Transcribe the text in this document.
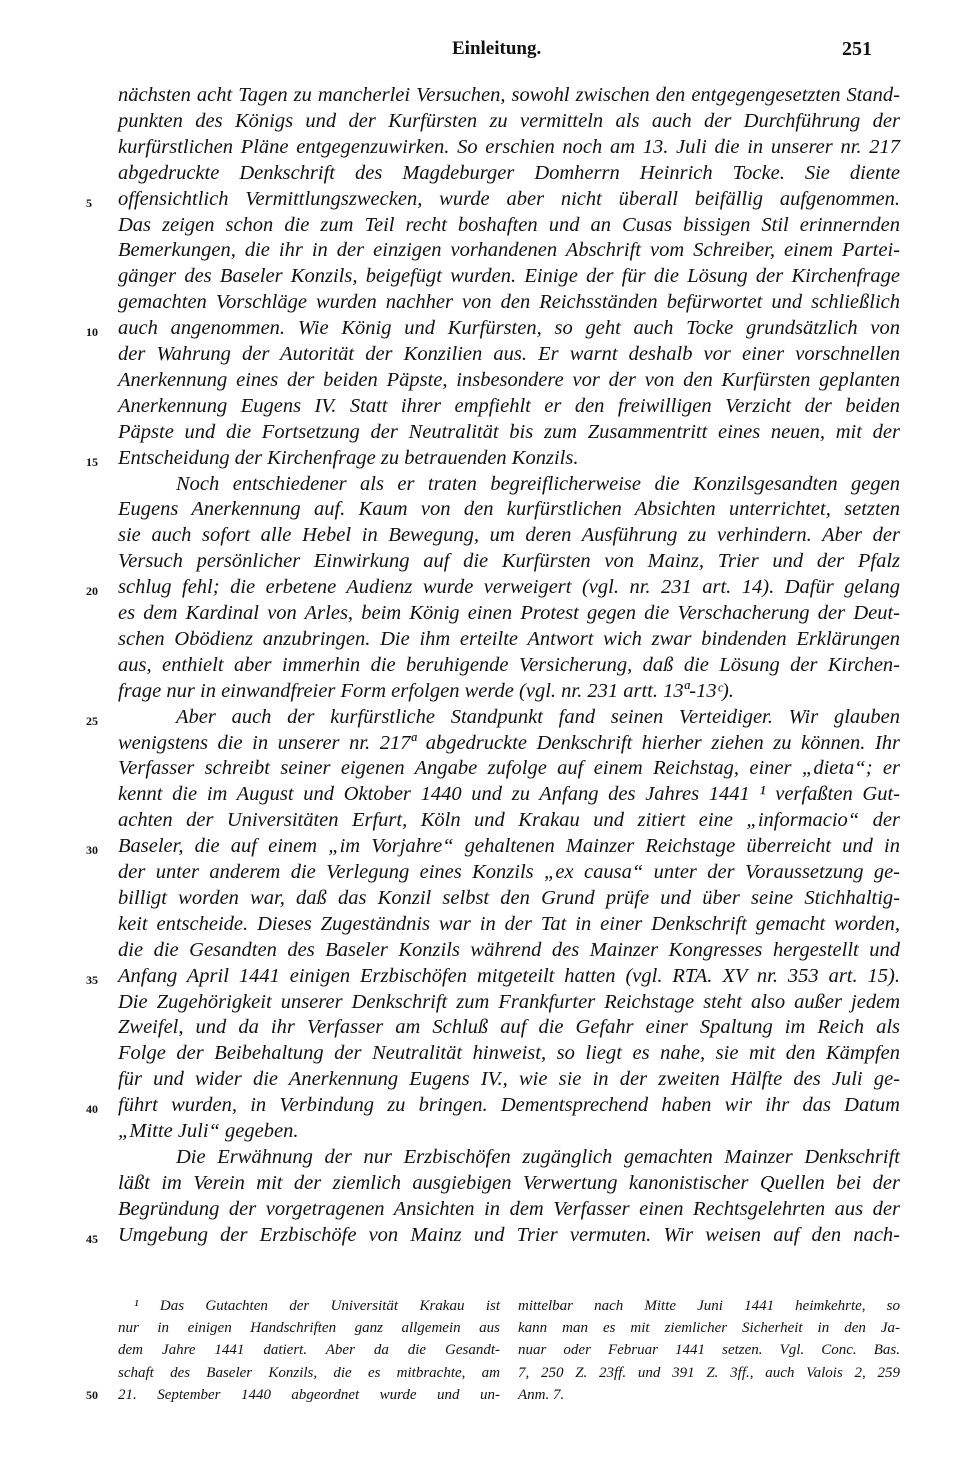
Einleitung.	251
nächsten acht Tagen zu mancherlei Versuchen, sowohl zwischen den entgegengesetzten Stand-
punkten des Königs und der Kurfürsten zu vermitteln als auch der Durchführung der
kurfürstlichen Pläne entgegenzuwirken. So erschien noch am 13. Juli die in unserer nr. 217
abgedruckte Denkschrift des Magdeburger Domherrn Heinrich Tocke. Sie diente
offensichtlich Vermittlungszwecken, wurde aber nicht überall beifällig aufgenommen.
5
Das zeigen schon die zum Teil recht boshaften und an Cusas bissigen Stil erinnernden
Bemerkungen, die ihr in der einzigen vorhandenen Abschrift vom Schreiber, einem Partei-
gänger des Baseler Konzils, beigefügt wurden. Einige der für die Lösung der Kirchenfrage
gemachten Vorschläge wurden nachher von den Reichsständen befürwortet und schließlich
auch angenommen. Wie König und Kurfürsten, so geht auch Tocke grundsätzlich von
10
der Wahrung der Autorität der Konzilien aus. Er warnt deshalb vor einer vorschnellen
Anerkennung eines der beiden Päpste, insbesondere vor der von den Kurfürsten geplanten
Anerkennung Eugens IV. Statt ihrer empfiehlt er den freiwilligen Verzicht der beiden
Päpste und die Fortsetzung der Neutralität bis zum Zusammentritt eines neuen, mit der
Entscheidung der Kirchenfrage zu betrauenden Konzils.
15
Noch entschiedener als er traten begreiflicherweise die Konzilsgesandten gegen
Eugens Anerkennung auf. Kaum von den kurfürstlichen Absichten unterrichtet, setzten
sie auch sofort alle Hebel in Bewegung, um deren Ausführung zu verhindern. Aber der
Versuch persönlicher Einwirkung auf die Kurfürsten von Mainz, Trier und der Pfalz
schlug fehl; die erbetene Audienz wurde verweigert (vgl. nr. 231 art. 14). Dafür gelang
20
es dem Kardinal von Arles, beim König einen Protest gegen die Verschacherung der Deut-
schen Obödienz anzubringen. Die ihm erteilte Antwort wich zwar bindenden Erklärungen
aus, enthielt aber immerhin die beruhigende Versicherung, daß die Lösung der Kirchen-
frage nur in einwandfreier Form erfolgen werde (vgl. nr. 231 artt. 13ª-13ᶜ).
Aber auch der kurfürstliche Standpunkt fand seinen Verteidiger. Wir glauben
25
wenigstens die in unserer nr. 217ª abgedruckte Denkschrift hierher ziehen zu können. Ihr
Verfasser schreibt seiner eigenen Angabe zufolge auf einem Reichstag, einer „dieta“; er
kennt die im August und Oktober 1440 und zu Anfang des Jahres 1441 ¹ verfaßten Gut-
achten der Universitäten Erfurt, Köln und Krakau und zitiert eine „informacio“ der
Baseler, die auf einem „im Vorjahre“ gehaltenen Mainzer Reichstage überreicht und in
30
der unter anderem die Verlegung eines Konzils „ex causa“ unter der Voraussetzung ge-
billigt worden war, daß das Konzil selbst den Grund prüfe und über seine Stichhaltig-
keit entscheide. Dieses Zugeständnis war in der Tat in einer Denkschrift gemacht worden,
die die Gesandten des Baseler Konzils während des Mainzer Kongresses hergestellt und
Anfang April 1441 einigen Erzbischöfen mitgeteilt hatten (vgl. RTA. XV nr. 353 art. 15).
35
Die Zugehörigkeit unserer Denkschrift zum Frankfurter Reichstage steht also außer jedem
Zweifel, und da ihr Verfasser am Schluß auf die Gefahr einer Spaltung im Reich als
Folge der Beibehaltung der Neutralität hinweist, so liegt es nahe, sie mit den Kämpfen
für und wider die Anerkennung Eugens IV., wie sie in der zweiten Hälfte des Juli ge-
führt wurden, in Verbindung zu bringen. Dementsprechend haben wir ihr das Datum
40
„Mitte Juli“ gegeben.
Die Erwähnung der nur Erzbischöfen zugänglich gemachten Mainzer Denkschrift
läßt im Verein mit der ziemlich ausgiebigen Verwertung kanonistischer Quellen bei der
Begründung der vorgetragenen Ansichten in dem Verfasser einen Rechtsgelehrten aus der
Umgebung der Erzbischöfe von Mainz und Trier vermuten. Wir weisen auf den nach-
45
¹ Das Gutachten der Universität Krakau ist
nur in einigen Handschriften ganz allgemein aus
dem Jahre 1441 datiert. Aber da die Gesandt-
schaft des Baseler Konzils, die es mitbrachte, am
21. September 1440 abgeordnet wurde und un-
50
mittelbar nach Mitte Juni 1441 heimkehrte, so
kann man es mit ziemlicher Sicherheit in den Ja-
nuar oder Februar 1441 setzen. Vgl. Conc. Bas.
7, 250 Z. 23ff. und 391 Z. 3ff., auch Valois 2, 259
Anm. 7.
